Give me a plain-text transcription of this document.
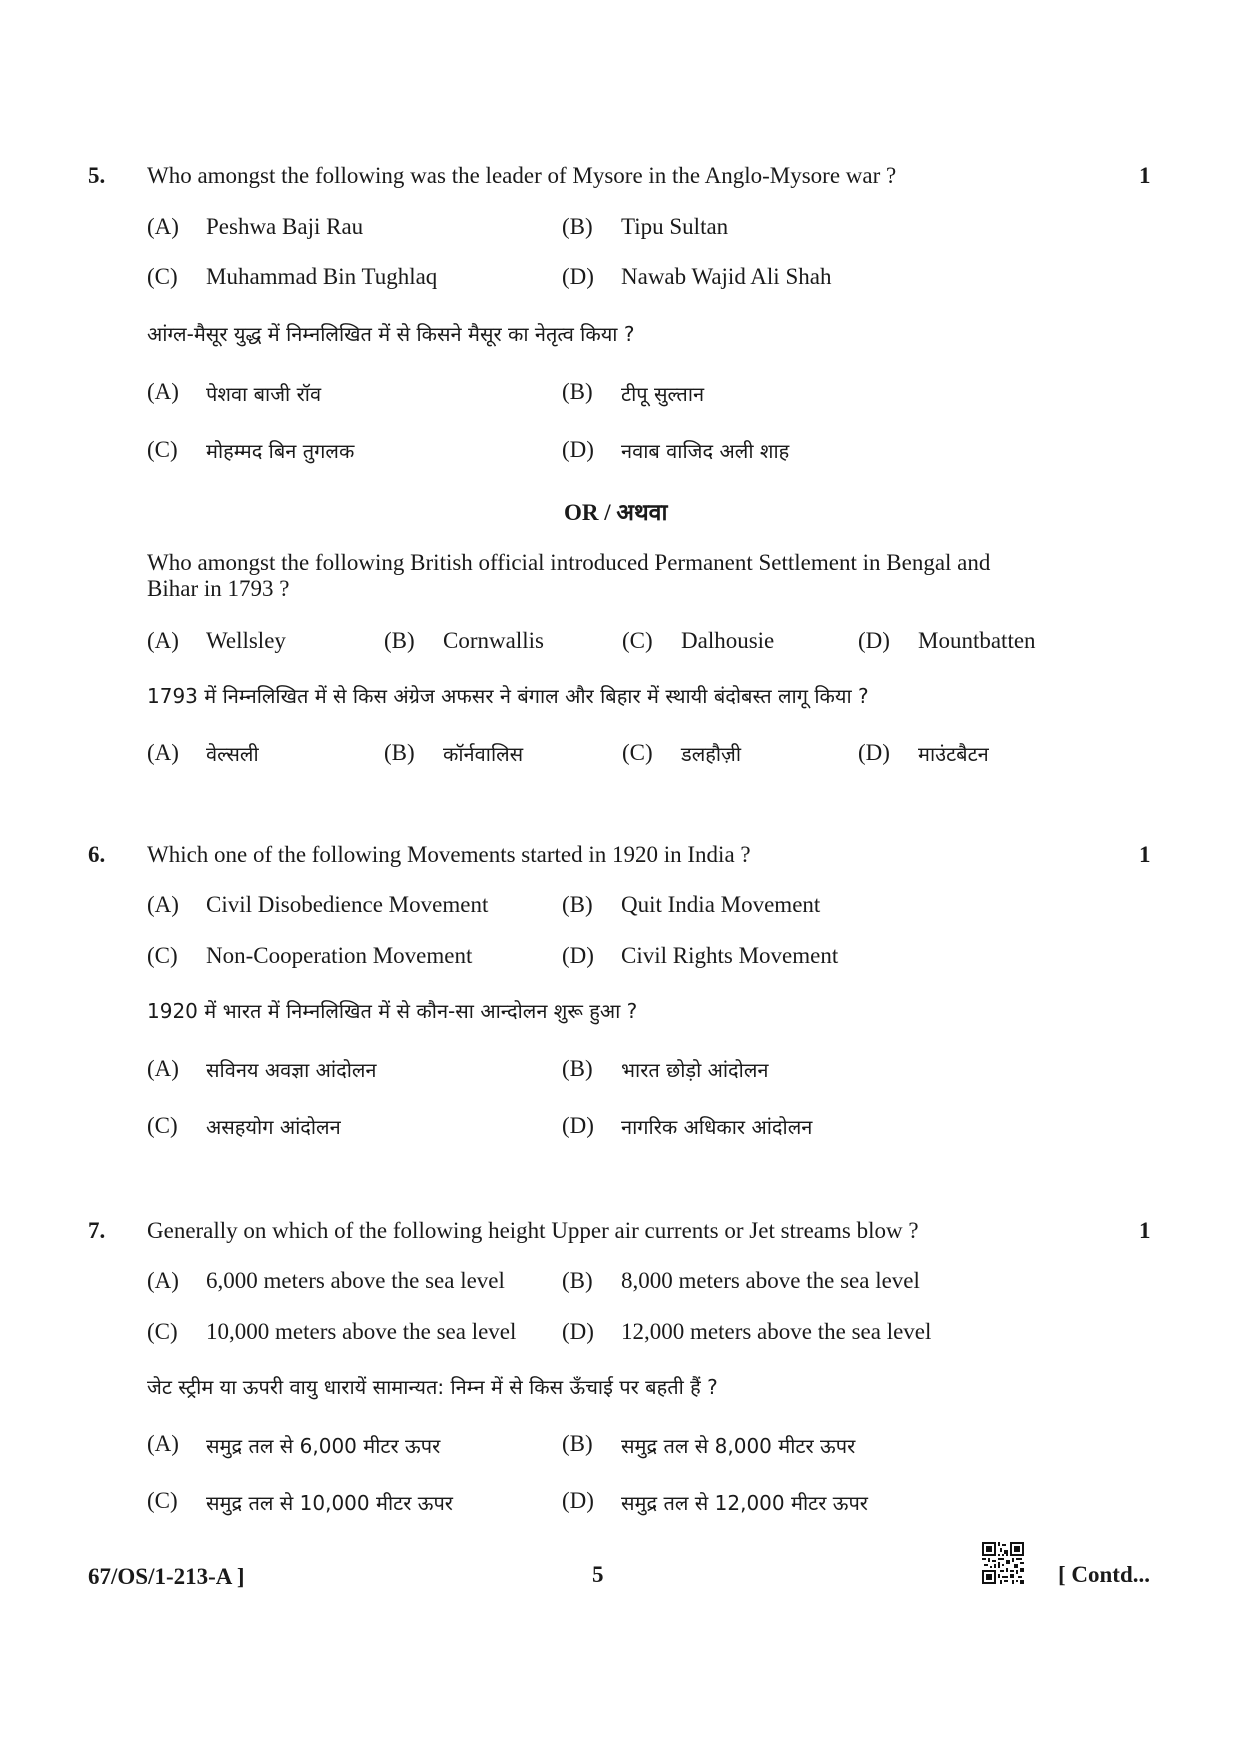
5. Who amongst the following was the leader of Mysore in the Anglo-Mysore war ?	1
(A) Peshwa Baji Rau	(B) Tipu Sultan
(C) Muhammad Bin Tughlaq	(D) Nawab Wajid Ali Shah
आंग्ल-मैसूर युद्ध में निम्नलिखित में से किसने मैसूर का नेतृत्व किया ?
(A) पेशवा बाजी रॉव	(B) टीपू सुल्तान
(C) मोहम्मद बिन तुगलक	(D) नवाब वाजिद अली शाह
OR / अथवा
Who amongst the following British official introduced Permanent Settlement in Bengal and
Bihar in 1793 ?
(A) Wellsley	(B) Cornwallis	(C) Dalhousie	(D) Mountbatten
1793 में निम्नलिखित में से किस अंग्रेज अफसर ने बंगाल और बिहार में स्थायी बंदोबस्त लागू किया ?
(A) वेल्सली	(B) कॉर्नवालिस	(C) डलहौज़ी	(D) माउंटबैटन
6. Which one of the following Movements started in 1920 in India ?	1
(A) Civil Disobedience Movement	(B) Quit India Movement
(C) Non-Cooperation Movement	(D) Civil Rights Movement
1920 में भारत में निम्नलिखित में से कौन-सा आन्दोलन शुरू हुआ ?
(A) सविनय अवज्ञा आंदोलन	(B) भारत छोड़ो आंदोलन
(C) असहयोग आंदोलन	(D) नागरिक अधिकार आंदोलन
7. Generally on which of the following height Upper air currents or Jet streams blow ?	1
(A) 6,000 meters above the sea level (B) 8,000 meters above the sea level
(C) 10,000 meters above the sea level (D) 12,000 meters above the sea level
जेट स्ट्रीम या ऊपरी वायु धारायें सामान्यत: निम्न में से किस ऊँचाई पर बहती हैं ?
(A) समुद्र तल से 6,000 मीटर ऊपर	(B) समुद्र तल से 8,000 मीटर ऊपर
(C) समुद्र तल से 10,000 मीटर ऊपर	(D) समुद्र तल से 12,000 मीटर ऊपर
67/OS/1-213-A ]	5	[ Contd...
